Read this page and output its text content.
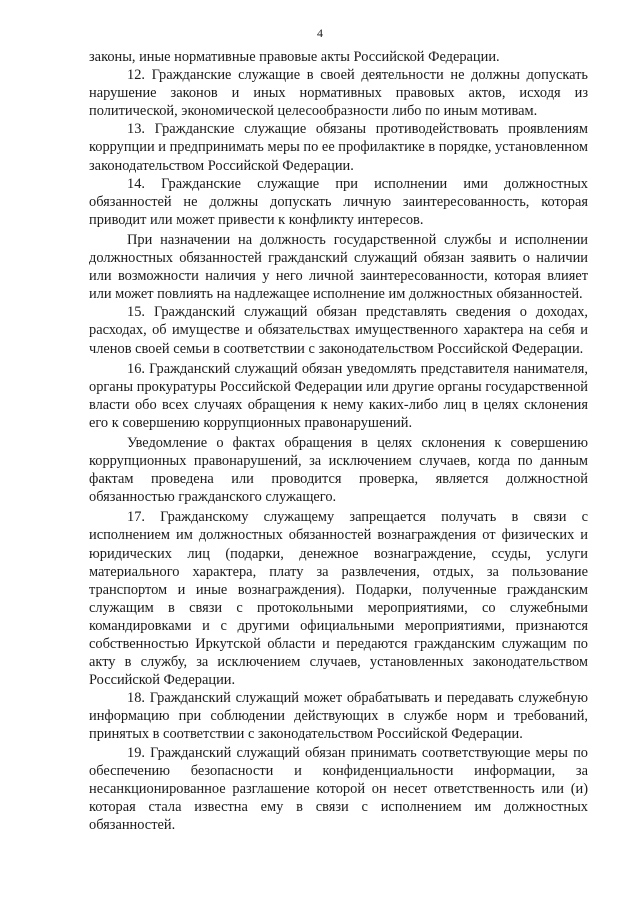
4

законы, иные нормативные правовые акты Российской Федерации.

12. Гражданские служащие в своей деятельности не должны допускать нарушение законов и иных нормативных правовых актов, исходя из политической, экономической целесообразности либо по иным мотивам.

13. Гражданские служащие обязаны противодействовать проявлениям коррупции и предпринимать меры по ее профилактике в порядке, установленном законодательством Российской Федерации.

14. Гражданские служащие при исполнении ими должностных обязанностей не должны допускать личную заинтересованность, которая приводит или может привести к конфликту интересов.

При назначении на должность государственной службы и исполнении должностных обязанностей гражданский служащий обязан заявить о наличии или возможности наличия у него личной заинтересованности, которая влияет или может повлиять на надлежащее исполнение им должностных обязанностей.

15. Гражданский служащий обязан представлять сведения о доходах, расходах, об имуществе и обязательствах имущественного характера на себя и членов своей семьи в соответствии с законодательством Российской Федерации.

16. Гражданский служащий обязан уведомлять представителя нанимателя, органы прокуратуры Российской Федерации или другие органы государственной власти обо всех случаях обращения к нему каких-либо лиц в целях склонения его к совершению коррупционных правонарушений.

Уведомление о фактах обращения в целях склонения к совершению коррупционных правонарушений, за исключением случаев, когда по данным фактам проведена или проводится проверка, является должностной обязанностью гражданского служащего.

17. Гражданскому служащему запрещается получать в связи с исполнением им должностных обязанностей вознаграждения от физических и юридических лиц (подарки, денежное вознаграждение, ссуды, услуги материального характера, плату за развлечения, отдых, за пользование транспортом и иные вознаграждения). Подарки, полученные гражданским служащим в связи с протокольными мероприятиями, со служебными командировками и с другими официальными мероприятиями, признаются собственностью Иркутской области и передаются гражданским служащим по акту в службу, за исключением случаев, установленных законодательством Российской Федерации.

18. Гражданский служащий может обрабатывать и передавать служебную информацию при соблюдении действующих в службе норм и требований, принятых в соответствии с законодательством Российской Федерации.

19. Гражданский служащий обязан принимать соответствующие меры по обеспечению безопасности и конфиденциальности информации, за несанкционированное разглашение которой он несет ответственность или (и) которая стала известна ему в связи с исполнением им должностных обязанностей.
